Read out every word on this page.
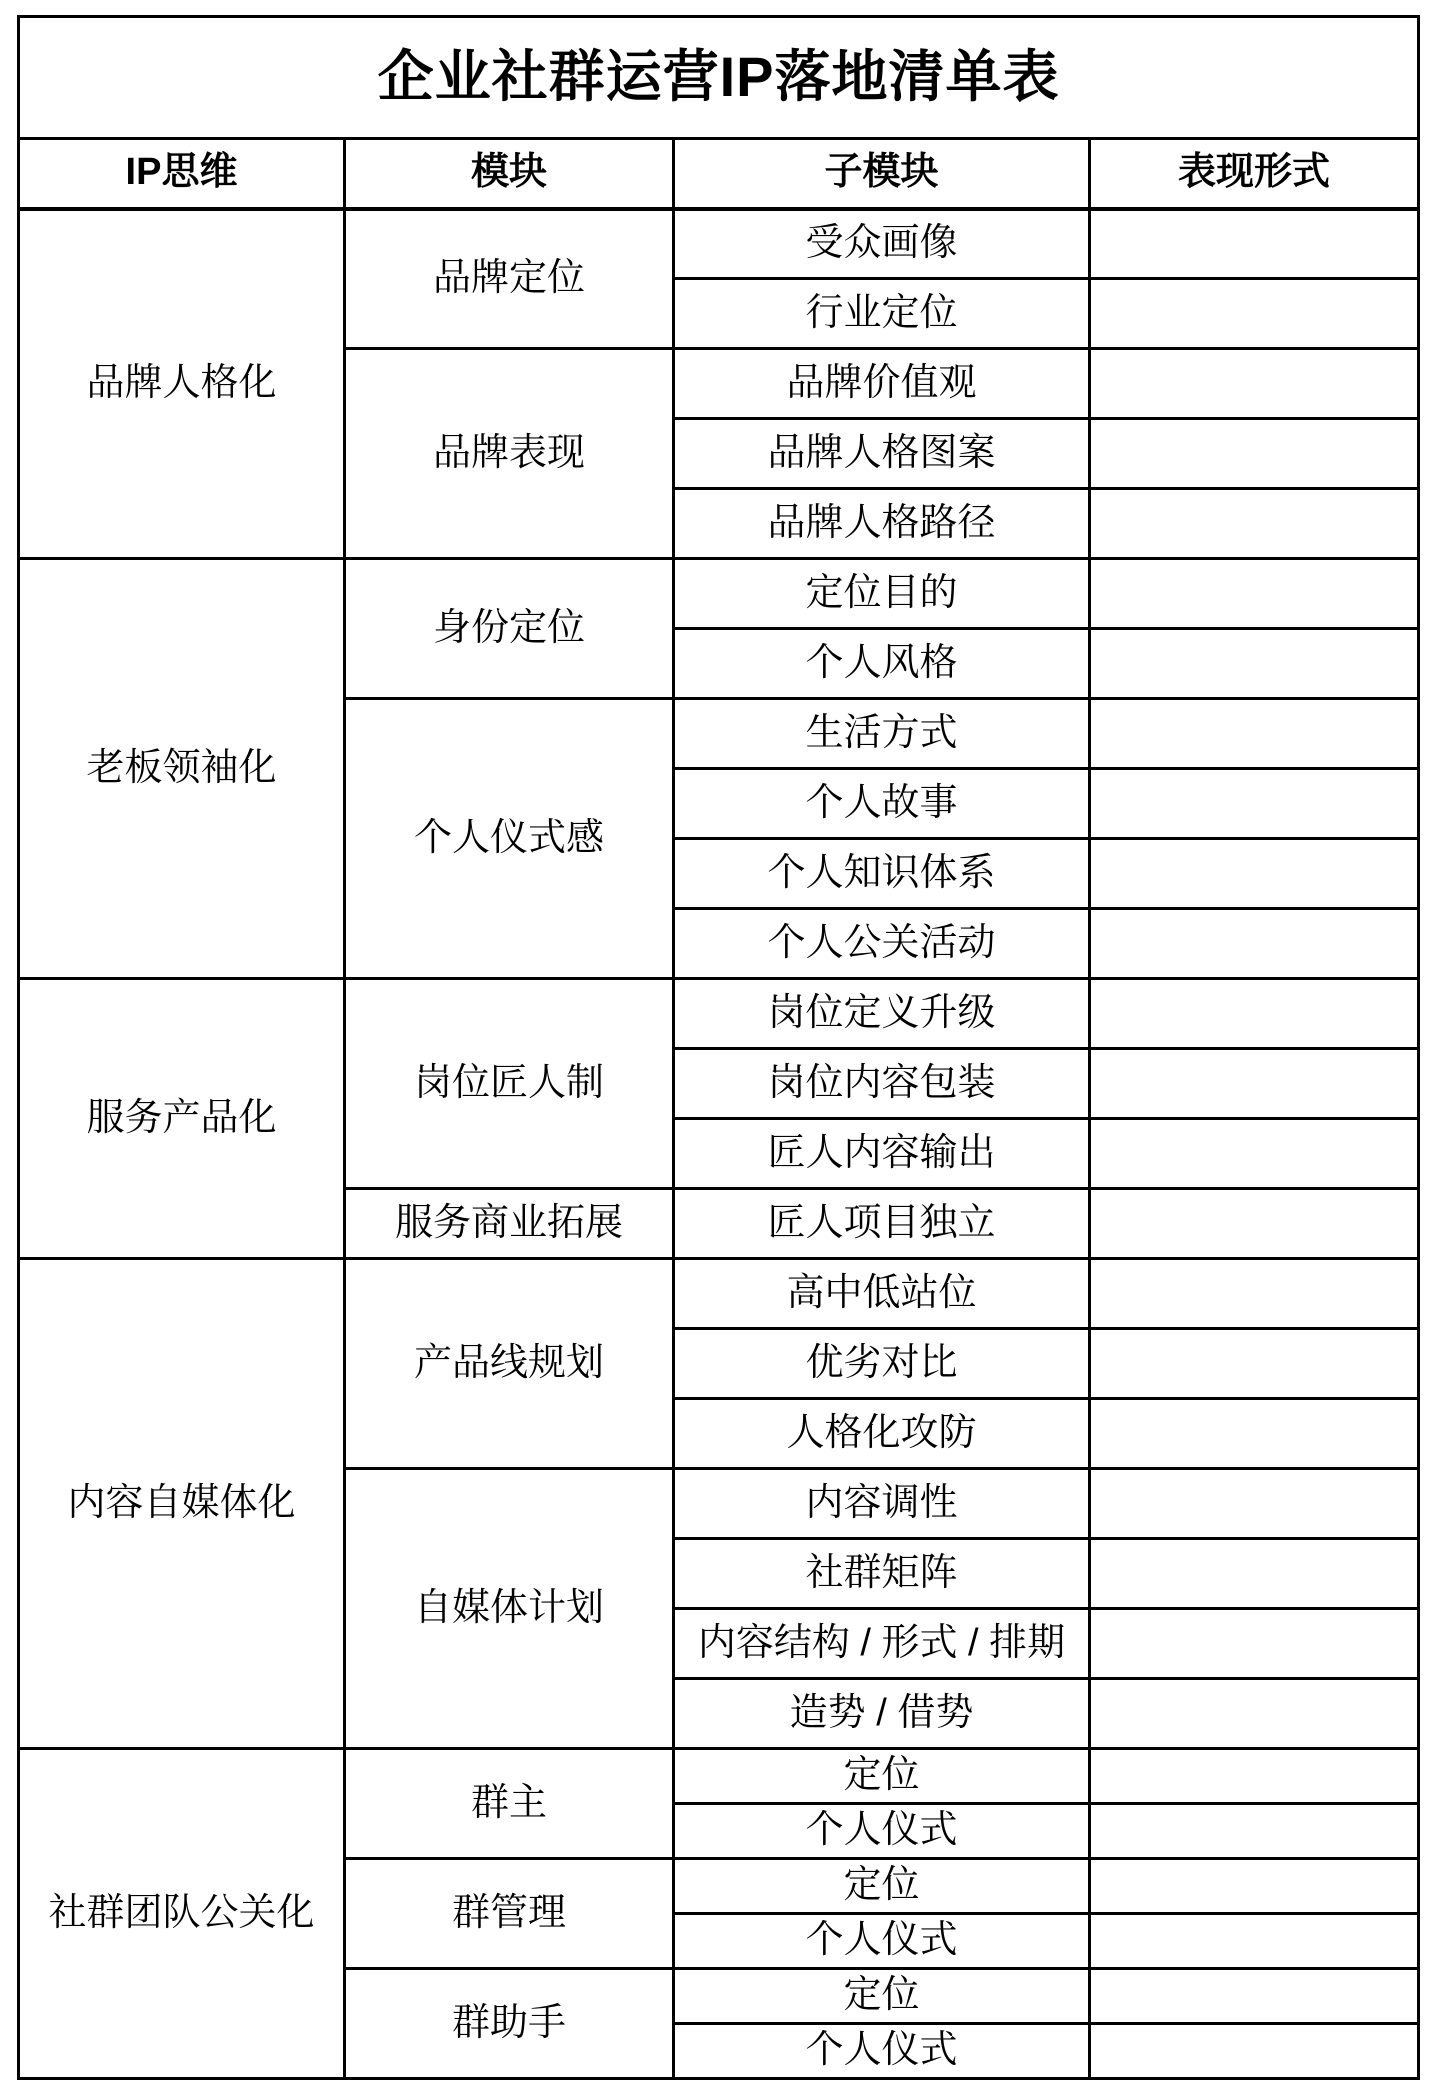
企业社群运营IP落地清单表			
IP思维	模块	子模块	表现形式
品牌人格化	品牌定位	受众画像	
		行业定位	
	品牌表现	品牌价值观	
		品牌人格图案	
		品牌人格路径	
老板领袖化	身份定位	定位目的	
		个人风格	
	个人仪式感	生活方式	
		个人故事	
		个人知识体系	
		个人公关活动	
服务产品化	岗位匠人制	岗位定义升级	
		岗位内容包装	
		匠人内容输出	
	服务商业拓展	匠人项目独立	
内容自媒体化	产品线规划	高中低站位	
		优劣对比	
		人格化攻防	
	自媒体计划	内容调性	
		社群矩阵	
		内容结构 / 形式 / 排期	
		造势 / 借势	
社群团队公关化	群主	定位	
		个人仪式	
	群管理	定位	
		个人仪式	
	群助手	定位	
		个人仪式	
